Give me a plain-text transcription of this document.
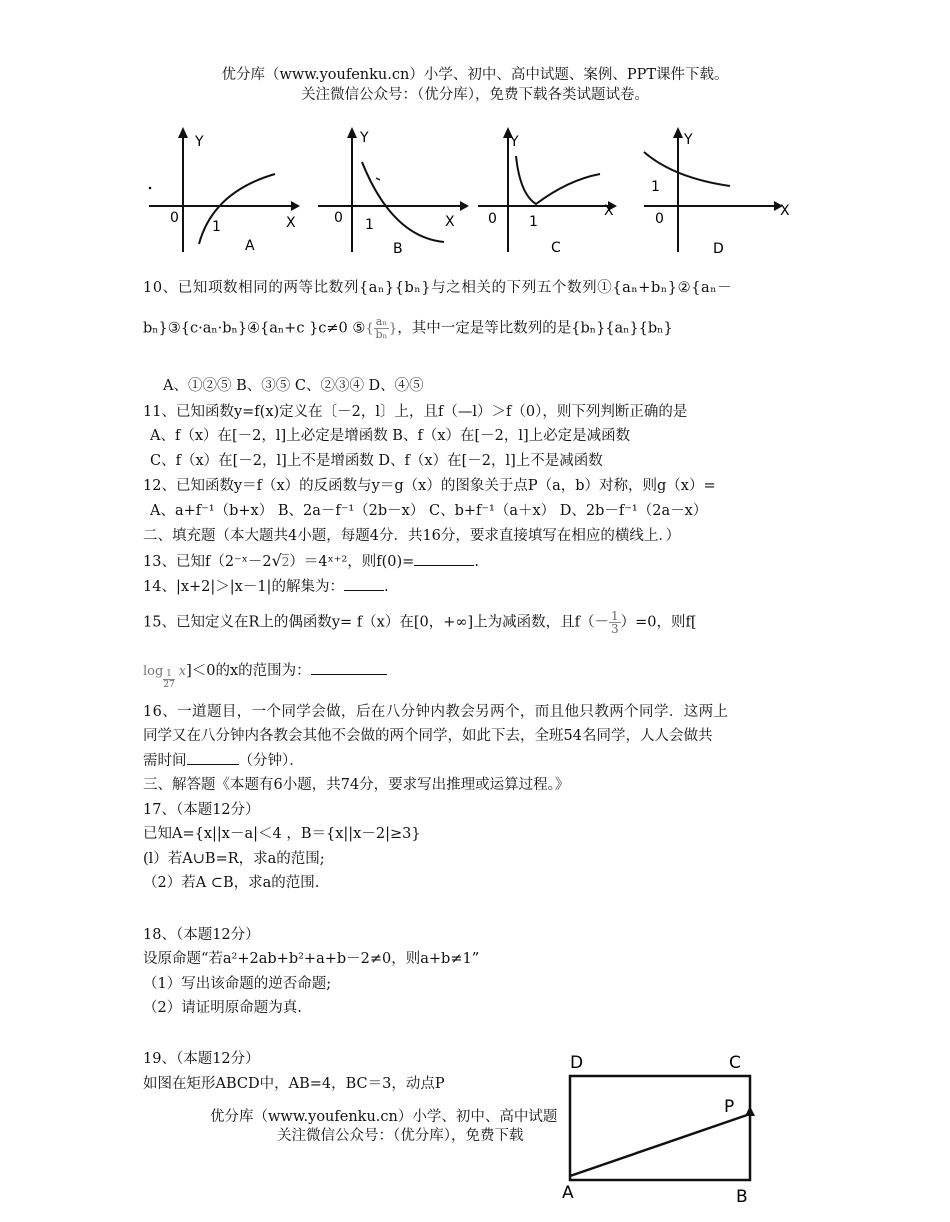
优分库（www.youfenku.cn）小学、初中、高中试题、案例、PPT课件下载。
关注微信公众号：（优分库），免费下载各类试题试卷。
Y
X
0
1
A
Y
X
0 1
B
Y
X
0 1
C
Y
X
0
1
D
10、已知项数相同的两等比数列{aₙ}{bₙ}与之相关的下列五个数列①{aₙ+bₙ}②{aₙ－
bₙ}③{c·aₙ·bₙ}④{aₙ+c }c≠0 ⑤{ $\frac{\text{aₙ}}{\text{bₙ}}$ }，其中一定是等比数列的是{bₙ}{aₙ}{bₙ}
A、①②⑤ B、③⑤ C、②③④ D、④⑤
11、已知函数y=f(x)定义在〔－2，l〕上，且f（—l）＞f（0），则下列判断正确的是
A、f（x）在[－2，l]上必定是增函数 B、f（x）在[－2，l]上必定是减函数
C、f（x）在[－2，l]上不是增函数 D、f（x）在[－2，l]上不是减函数
12、已知函数y＝f（x）的反函数与y＝g（x）的图象关于点P（a，b）对称，则g（x）=
A、a+f⁻¹（b+x） B、2a－f⁻¹（2b－x） C、b+f⁻¹（a＋x） D、2b－f⁻¹（2a－x）
二、填充题（本大题共4小题，每题4分．共16分，要求直接填写在相应的横线上．）
13、已知f（2⁻ˣ－2√2）＝4ˣ⁺²，则f(0)=	.
14、|x+2|＞|x－1|的解集为：	.
15、已知定义在R上的偶函数y= f（x）在[0，+∞]上为减函数，且$f(- \frac{1}{3} )=0$，则f[
$\log \frac{1}{27} x]<0$的x的范围为：
16、一道题目，一个同学会做，后在八分钟内教会另两个，而且他只教两个同学．这两上
同学又在八分钟内各教会其他不会做的两个同学，如此下去，全班54名同学，人人会做共
需时间	（分钟）．
三、解答题《本题有6小题，共74分，要求写出推理或运算过程。》
17、（本题12分）
已知A={x||x－a|＜4 ，B＝{x||x－2|≥3}
(l）若A∪B=R，求a的范围;
（2）若A ⊂B，求a的范围.
18、（本题12分）
设原命题“若a²+2ab+b²+a+b－2≠0，则a+b≠1”
（1）写出该命题的逆否命题;
（2）请证明原命题为真.
19、（本题12分）
如图在矩形ABCD中，AB=4，BC＝3，动点P
D	C
P
A	B
优分库（www.youfenku.cn）小学、初中、高中试题
关注微信公众号：（优分库），免费下载
